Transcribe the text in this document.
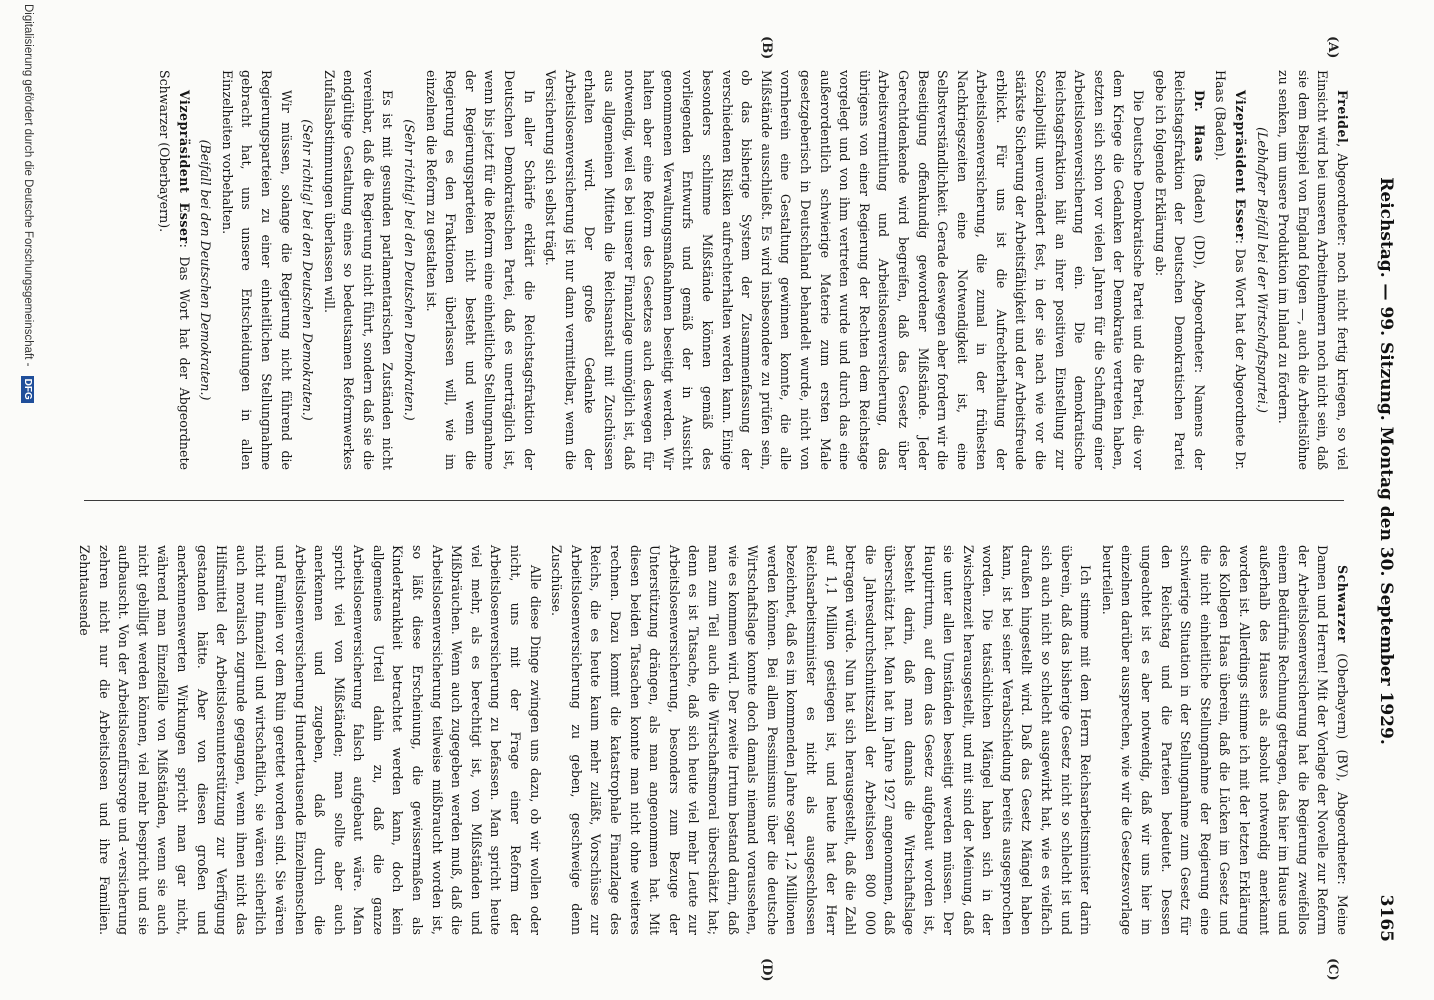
Reichstag. — 99. Sitzung. Montag den 30. September 1929.
3165
(A)
(B)
(C)
(D)

Freidel, Abgeordneter: noch nicht fertig kriegen, so viel Einsicht wird bei unseren Arbeitnehmern noch nicht sein, daß sie dem Beispiel von England folgen —, auch die Arbeitslöhne zu senken, um unsere Produktion im Inland zu fördern.

(Lebhafter Beifall bei der Wirtschaftspartei.)

Vizepräsident Esser: Das Wort hat der Abgeordnete Dr. Haas (Baden).

Dr. Haas (Baden) (DD), Abgeordneter: Namens der Reichstagsfraktion der Deutschen Demokratischen Partei gebe ich folgende Erklärung ab:

Die Deutsche Demokratische Partei und die Partei, die vor dem Kriege die Gedanken der Demokratie vertreten haben, setzten sich schon vor vielen Jahren für die Schaffung einer Arbeitslosenversicherung ein. Die demokratische Reichstagsfraktion hält an ihrer positiven Einstellung zur Sozialpolitik unverändert fest, in der sie nach wie vor die stärkste Sicherung der Arbeitsfähigkeit und der Arbeitsfreude erblickt. Für uns ist die Aufrechterhaltung der Arbeitslosenversicherung, die zumal in der frühesten Nachkriegszeiten eine Notwendigkeit ist, eine Selbstverständlichkeit. Gerade deswegen aber fordern wir die Beseitigung offenkundig gewordener Mißstände. Jeder Gerechtdenkende wird begreifen, daß das Gesetz über Arbeitsvermittlung und Arbeitslosenversicherung, das übrigens von einer Regierung der Rechten dem Reichstage vorgelegt und von ihm vertreten wurde und durch das eine außerordentlich schwierige Materie zum ersten Male gesetzgeberisch in Deutschland behandelt wurde, nicht von vornherein eine Gestaltung gewinnen konnte, die alle Mißstände ausschließt. Es wird insbesondere zu prüfen sein, ob das bisherige System der Zusammenfassung der verschiedenen Risiken aufrechterhalten werden kann. Einige besonders schlimme Mißstände können gemäß des vorliegenden Entwurfs und gemäß der in Aussicht genommenen Verwaltungsmaßnahmen beseitigt werden. Wir halten aber eine Reform des Gesetzes auch deswegen für notwendig, weil es bei unserer Finanzlage unmöglich ist, daß aus allgemeinen Mitteln die Reichsanstalt mit Zuschüssen erhalten wird. Der große Gedanke der Arbeitslosenversicherung ist nur dann vermittelbar, wenn die Versicherung sich selbst trägt.

In aller Schärfe erklärt die Reichstagsfraktion der Deutschen Demokratischen Partei, daß es unerträglich ist, wenn bis jetzt für die Reform eine einheitliche Stellungnahme der Regierungsparteien nicht besteht und wenn die Regierung es den Fraktionen überlassen will, wie im einzelnen die Reform zu gestalten ist.

(Sehr richtig! bei den Deutschen Demokraten.)

Es ist mit gesunden parlamentarischen Zuständen nicht vereinbar, daß die Regierung nicht führt, sondern daß sie die endgültige Gestaltung eines so bedeutsamen Reformwerkes Zufallsabstimmungen überlassen will.

(Sehr richtig! bei den Deutschen Demokraten.)

Wir müssen, solange die Regierung nicht führend die Regierungsparteien zu einer einheitlichen Stellungnahme gebracht hat, uns unsere Entscheidungen in allen Einzelheiten vorbehalten.

(Beifall bei den Deutschen Demokraten.)

Vizepräsident Esser: Das Wort hat der Abgeordnete Schwarzer (Oberbayern).

Schwarzer (Oberbayern) (BV), Abgeordneter: Meine Damen und Herren! Mit der Vorlage der Novelle zur Reform der Arbeitslosenversicherung hat die Regierung zweifellos einem Bedürfnis Rechnung getragen, das hier im Hause und außerhalb des Hauses als absolut notwendig anerkannt worden ist. Allerdings stimme ich mit der letzten Erklärung des Kollegen Haas überein, daß die Lücken im Gesetz und die nicht einheitliche Stellungnahme der Regierung eine schwierige Situation in der Stellungnahme zum Gesetz für den Reichstag und die Parteien bedeutet. Dessen ungeachtet ist es aber notwendig, daß wir uns hier im einzelnen darüber aussprechen, wie wir die Gesetzesvorlage beurteilen.

Ich stimme mit dem Herrn Reichsarbeitsminister darin überein, daß das bisherige Gesetz nicht so schlecht ist und sich auch nicht so schlecht ausgewirkt hat, wie es vielfach draußen hingestellt wird. Daß das Gesetz Mängel haben kann, ist bei seiner Verabschiedung bereits ausgesprochen worden. Die tatsächlichen Mängel haben sich in der Zwischenzeit herausgestellt, und mit sind der Meinung, daß sie unter allen Umständen beseitigt werden müssen. Der Hauptirrtum, auf dem das Gesetz aufgebaut worden ist, besteht darin, daß man damals die Wirtschaftslage überschätzt hat. Man hat im Jahre 1927 angenommen, daß die Jahresdurchschnittszahl der Arbeitslosen 800 000 betragen würde. Nun hat sich herausgestellt, daß die Zahl auf 1,1 Million gestiegen ist, und heute hat der Herr Reichsarbeitsminister es nicht als ausgeschlossen bezeichnet, daß es im kommenden Jahre sogar 1,2 Millionen werden können. Bei allem Pessimismus über die deutsche Wirtschaftslage konnte doch damals niemand voraussehen, wie es kommen wird. Der zweite Irrtum bestand darin, daß man zum Teil auch die Wirtschaftsmoral überschätzt hat; denn es ist Tatsache, daß sich heute viel mehr Leute zur Arbeitslosenversicherung, besonders zum Bezuge der Unterstützung drängen, als man angenommen hat. Mit diesen beiden Tatsachen konnte man nicht ohne weiteres rechnen. Dazu kommt die katastrophale Finanzlage des Reichs, die es heute kaum mehr zuläßt, Vorschüsse zur Arbeitslosenversicherung zu geben, geschweige denn Zuschüsse.

Alle diese Dinge zwingen uns dazu, ob wir wollen oder nicht, uns mit der Frage einer Reform der Arbeitslosenversicherung zu befassen. Man spricht heute viel mehr, als es berechtigt ist, von Mißständen und Mißbräuchen. Wenn auch zugegeben werden muß, daß die Arbeitslosenversicherung teilweise mißbraucht worden ist, so läßt diese Erscheinung, die gewissermaßen als Kinderkrankheit betrachtet werden kann, doch kein allgemeines Urteil dahin zu, daß die ganze Arbeitslosenversicherung falsch aufgebaut wäre. Man spricht viel von Mißständen; man sollte aber auch anerkennen und zugeben, daß durch die Arbeitslosenversicherung Hunderttausende Einzelmenschen und Familien vor dem Ruin gerettet worden sind. Sie wären nicht nur finanziell und wirtschaftlich, sie wären sicherlich auch moralisch zugrunde gegangen, wenn ihnen nicht das Hilfsmittel der Arbeitslosenunterstützung zur Verfügung gestanden hätte. Aber von diesen großen und anerkennenswerten Wirkungen spricht man gar nicht, während man Einzelfälle von Mißständen, wenn sie auch nicht gebilligt werden können, viel mehr bespricht und sie aufbauscht. Von der Arbeitslosenfürsorge und -versicherung zehren nicht nur die Arbeitslosen und ihre Familien. Zehntausende

Digitalisierung gefördert durch die Deutsche Forschungsgemeinschaft - DFG
